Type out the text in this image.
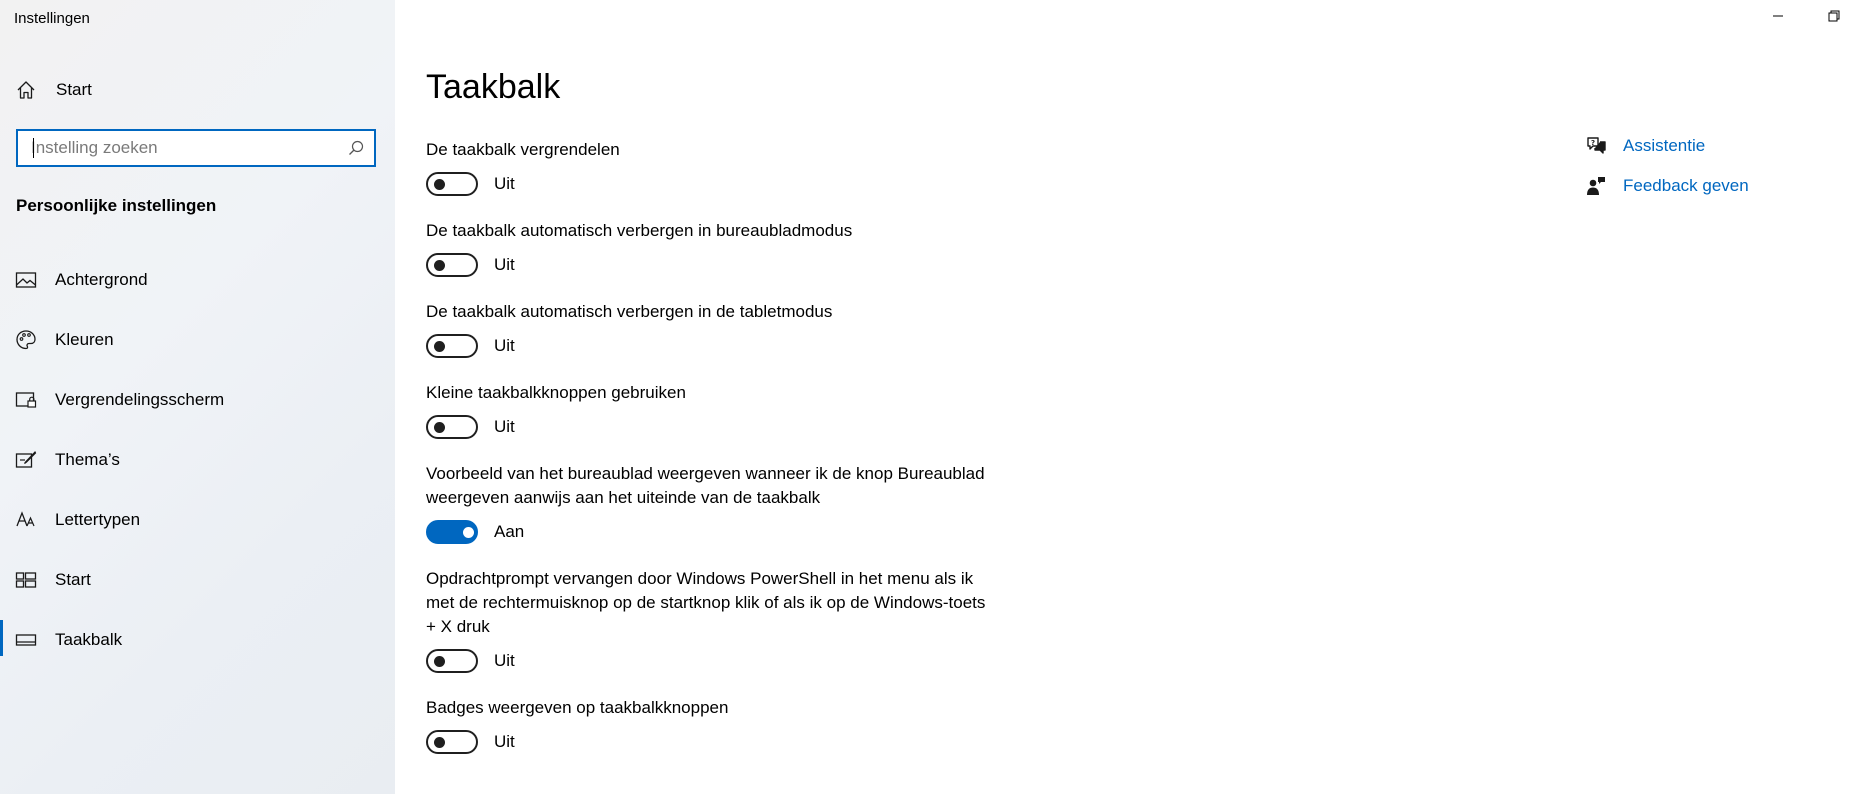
Instellingen
Start
Instelling zoeken
Persoonlijke instellingen
Achtergrond
Kleuren
Vergrendelingsscherm
Thema’s
Lettertypen
Start
Taakbalk
Taakbalk
De taakbalk vergrendelen
Uit
De taakbalk automatisch verbergen in bureaubladmodus
Uit
De taakbalk automatisch verbergen in de tabletmodus
Uit
Kleine taakbalkknoppen gebruiken
Uit
Voorbeeld van het bureaublad weergeven wanneer ik de knop Bureaublad weergeven aanwijs aan het uiteinde van de taakbalk
Aan
Opdrachtprompt vervangen door Windows PowerShell in het menu als ik met de rechtermuisknop op de startknop klik of als ik op de Windows-toets + X druk
Uit
Badges weergeven op taakbalkknoppen
Uit
? Assistentie
Feedback geven
